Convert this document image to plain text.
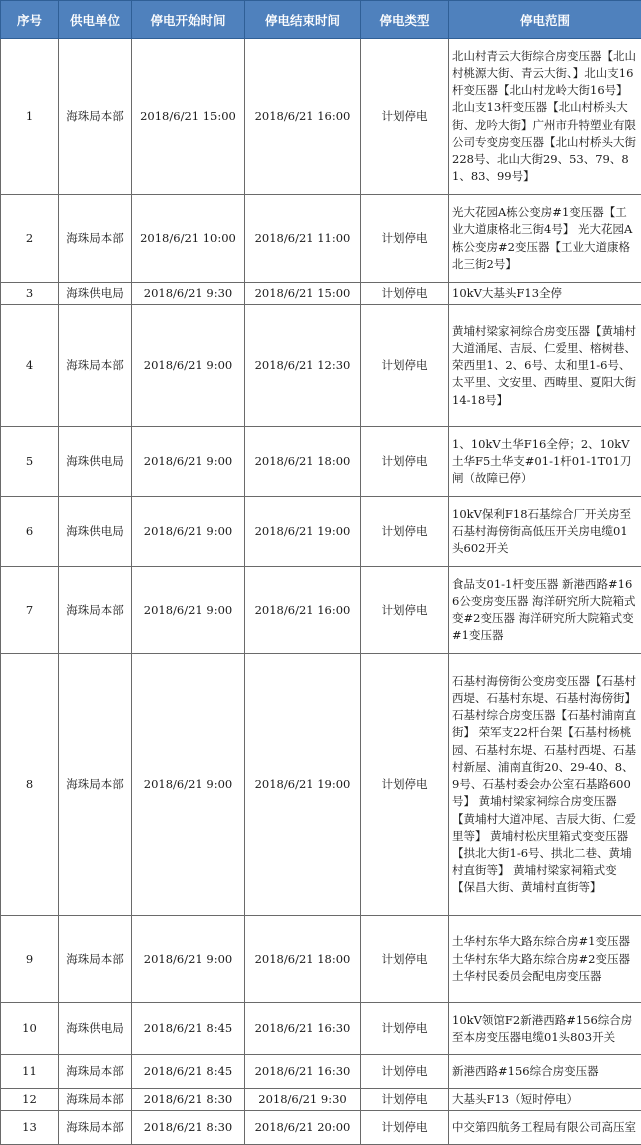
序号	供电单位	停电开始时间	停电结束时间	停电类型	停电范围
1	海珠局本部	2018/6/21 15:00	2018/6/21 16:00	计划停电	北山村青云大街综合房变压器【北山村桃源大街、青云大街、】北山支16杆变压器【北山村龙岭大街16号】 北山支13杆变压器【北山村桥头大街、龙吟大街】广州市升特塑业有限公司专变房变压器【北山村桥头大街228号、北山大街29、53、79、81、83、99号】
2	海珠局本部	2018/6/21 10:00	2018/6/21 11:00	计划停电	光大花园A栋公变房#1变压器【工业大道康格北三街4号】 光大花园A栋公变房#2变压器【工业大道康格北三街2号】
3	海珠供电局	2018/6/21 9:30	2018/6/21 15:00	计划停电	10kV大基头F13全停
4	海珠局本部	2018/6/21 9:00	2018/6/21 12:30	计划停电	黄埔村梁家祠综合房变压器【黄埔村大道涌尾、吉辰、仁爱里、榕树巷、荣西里1、2、6号、太和里1-6号、太平里、文安里、西畴里、夏阳大街14-18号】
5	海珠供电局	2018/6/21 9:00	2018/6/21 18:00	计划停电	1、10kV土华F16全停；2、10kV土华F5土华支#01-1杆01-1T01刀闸（故障已停）
6	海珠供电局	2018/6/21 9:00	2018/6/21 19:00	计划停电	10kV保利F18石基综合厂开关房至石基村海傍街高低压开关房电缆01头602开关
7	海珠局本部	2018/6/21 9:00	2018/6/21 16:00	计划停电	食品支01-1杆变压器 新港西路#166公变房变压器 海洋研究所大院箱式变#2变压器 海洋研究所大院箱式变#1变压器
8	海珠局本部	2018/6/21 9:00	2018/6/21 19:00	计划停电	石基村海傍街公变房变压器【石基村西堤、石基村东堤、石基村海傍街】 石基村综合房变压器【石基村浦南直街】 荣军支22杆台架【石基村杨桃园、石基村东堤、石基村西堤、石基村新屋、浦南直街20、29-40、8、9号、石基村委会办公室石基路600号】 黄埔村梁家祠综合房变压器【黄埔村大道冲尾、吉辰大街、仁爱里等】 黄埔村松庆里箱式变变压器【拱北大街1-6号、拱北二巷、黄埔村直街等】 黄埔村梁家祠箱式变【保昌大街、黄埔村直街等】
9	海珠局本部	2018/6/21 9:00	2018/6/21 18:00	计划停电	土华村东华大路东综合房#1变压器 土华村东华大路东综合房#2变压器 土华村民委员会配电房变压器
10	海珠供电局	2018/6/21 8:45	2018/6/21 16:30	计划停电	10kV领馆F2新港西路#156综合房至本房变压器电缆01头803开关
11	海珠局本部	2018/6/21 8:45	2018/6/21 16:30	计划停电	新港西路#156综合房变压器
12	海珠局本部	2018/6/21 8:30	2018/6/21 9:30	计划停电	大基头F13（短时停电）
13	海珠局本部	2018/6/21 8:30	2018/6/21 20:00	计划停电	中交第四航务工程局有限公司高压室
